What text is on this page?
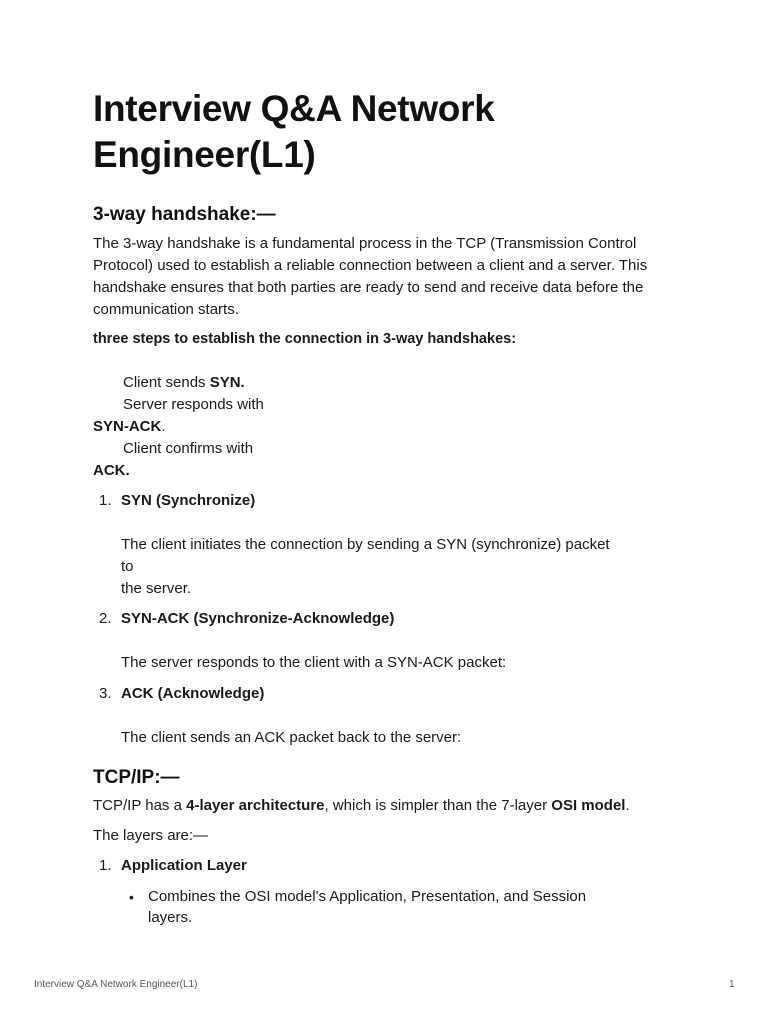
Interview Q&A Network Engineer(L1)
3-way handshake:—

The 3-way handshake is a fundamental process in the TCP (Transmission Control Protocol) used to establish a reliable connection between a client and a server. This handshake ensures that both parties are ready to send and receive data before the communication starts.

three steps to establish the connection in 3-way handshakes:

Client sends SYN.
Server responds with
SYN-ACK.
Client confirms with
ACK.
1. SYN (Synchronize)
The client initiates the connection by sending a SYN (synchronize) packet
to
the server.
2. SYN-ACK (Synchronize-Acknowledge)
The server responds to the client with a SYN-ACK packet:
3. ACK (Acknowledge)
The client sends an ACK packet back to the server:
TCP/IP:—
TCP/IP has a 4-layer architecture, which is simpler than the 7-layer OSI model.
The layers are:—
1. Application Layer
• Combines the OSI model's Application, Presentation, and Session
layers.
Interview Q&A Network Engineer(L1)	1
